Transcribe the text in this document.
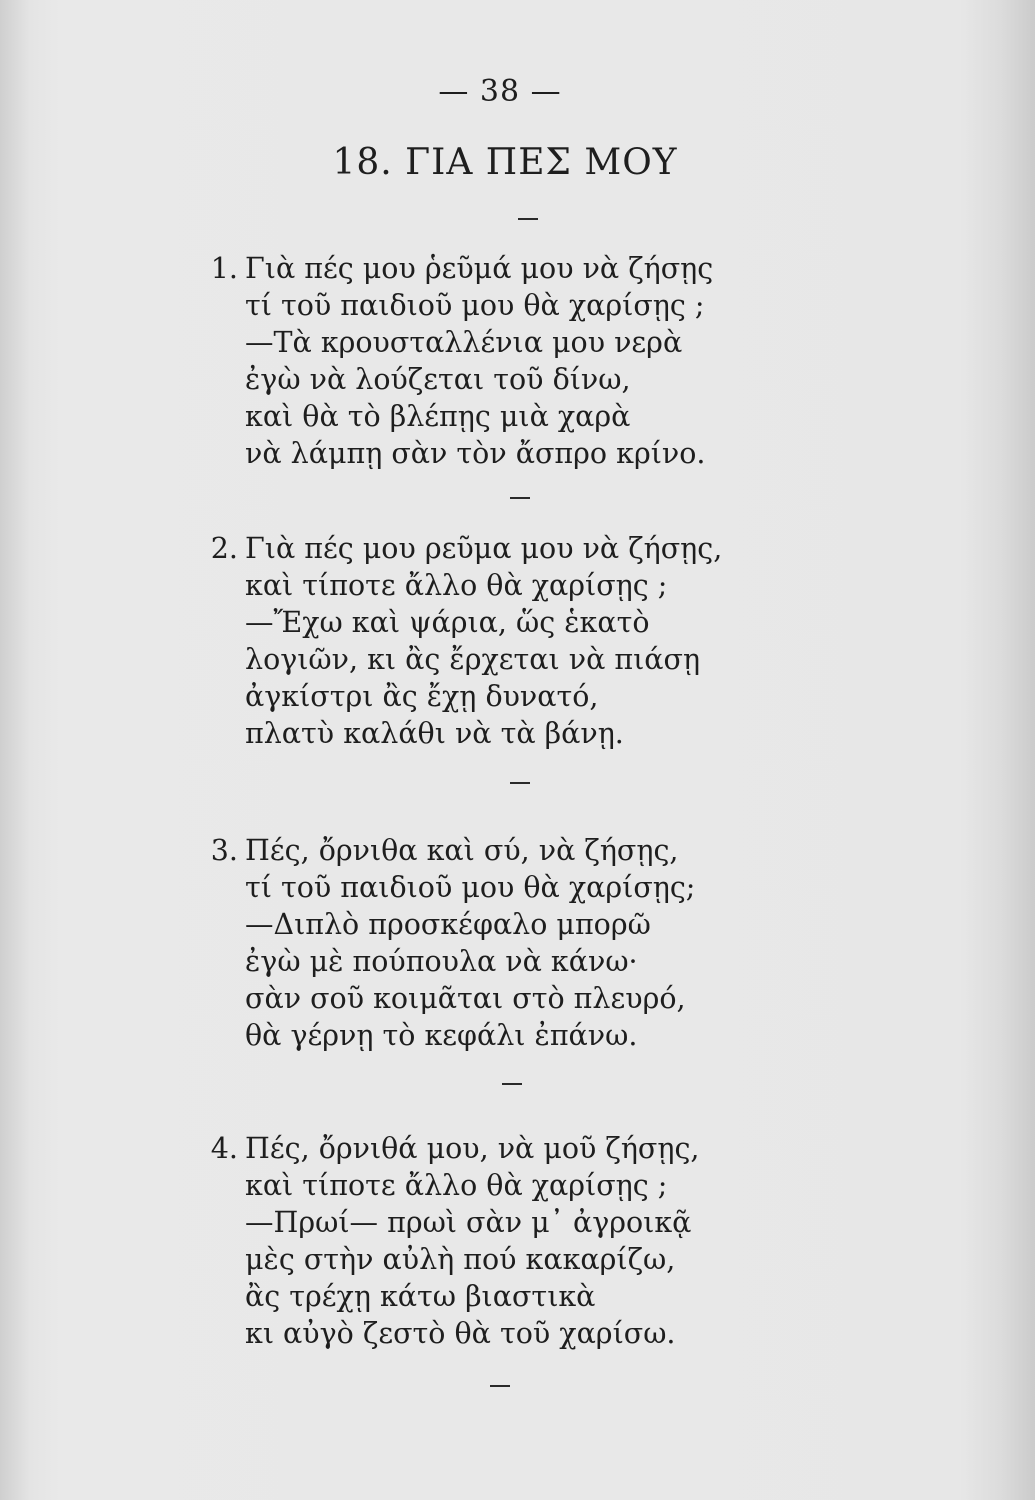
— 38 —
18. ΓΙΑ ΠΕΣ ΜΟΥ
1. Γιὰ πές μου ῥεῦμά μου νὰ ζήσῃς
τί τοῦ παιδιοῦ μου θὰ χαρίσῃς ;
—Τὰ κρουσταλλένια μου νερὰ
ἐγὼ νὰ λούζεται τοῦ δίνω,
καὶ θὰ τὸ βλέπῃς μιὰ χαρὰ
νὰ λάμπῃ σὰν τὸν ἄσπρο κρίνο.
2. Γιὰ πές μου ρεῦμα μου νὰ ζήσῃς,
καὶ τίποτε ἄλλο θὰ χαρίσῃς ;
—Ἔχω καὶ ψάρια, ὥς ἑκατὸ
λογιῶν, κι ἂς ἔρχεται νὰ πιάσῃ
ἀγκίστρι ἂς ἔχῃ δυνατό,
πλατὺ καλάθι νὰ τὰ βάνῃ.
3. Πές, ὄρνιθα καὶ σύ, νὰ ζήσῃς,
τί τοῦ παιδιοῦ μου θὰ χαρίσῃς;
—Διπλὸ προσκέφαλο μπορῶ
ἐγὼ μὲ πούπουλα νὰ κάνω·
σὰν σοῦ κοιμᾶται στὸ πλευρό,
θὰ γέρνῃ τὸ κεφάλι ἐπάνω.
4. Πές, ὄρνιθά μου, νὰ μοῦ ζήσῃς,
καὶ τίποτε ἄλλο θὰ χαρίσῃς ;
—Πρωί— πρωὶ σὰν μ᾽ ἀγροικᾷ
μὲς στὴν αὐλὴ πού κακαρίζω,
ἂς τρέχῃ κάτω βιαστικὰ
κι αὐγὸ ζεστὸ θὰ τοῦ χαρίσω.
